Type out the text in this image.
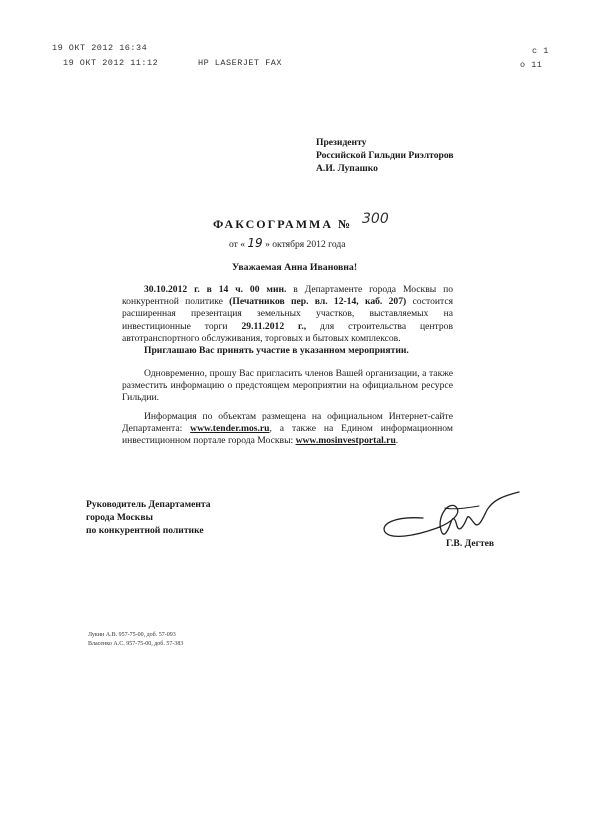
19 ОКТ 2012 16:34	с 1
19 ОКТ 2012 11:12	HP LASERJET FAX	о 11
Президенту
Российской Гильдии Риэлторов
А.И. Лупашко
ФАКСОГРАММА № 300
от « 19 » октября 2012 года
Уважаемая Анна Ивановна!
30.10.2012 г. в 14 ч. 00 мин. в Департаменте города Москвы по конкурентной политике (Печатников пер. вл. 12-14, каб. 207) состоится расширенная презентация земельных участков, выставляемых на инвестиционные торги 29.11.2012 г., для строительства центров автотранспортного обслуживания, торговых и бытовых комплексов.
Приглашаю Вас принять участие в указанном мероприятии.
Одновременно, прошу Вас пригласить членов Вашей организации, а также разместить информацию о предстоящем мероприятии на официальном ресурсе Гильдии.
Информация по объектам размещена на официальном Интернет-сайте Департамента: www.tender.mos.ru, а также на Едином информационном инвестиционном портале города Москвы: www.mosinvestportal.ru.
Руководитель Департамента
города Москвы
по конкурентной политике
Г.В. Дегтев
Лукин А.В. 957-75-00, доб. 57-093
Власенко А.С. 957-75-00, доб. 57-383
